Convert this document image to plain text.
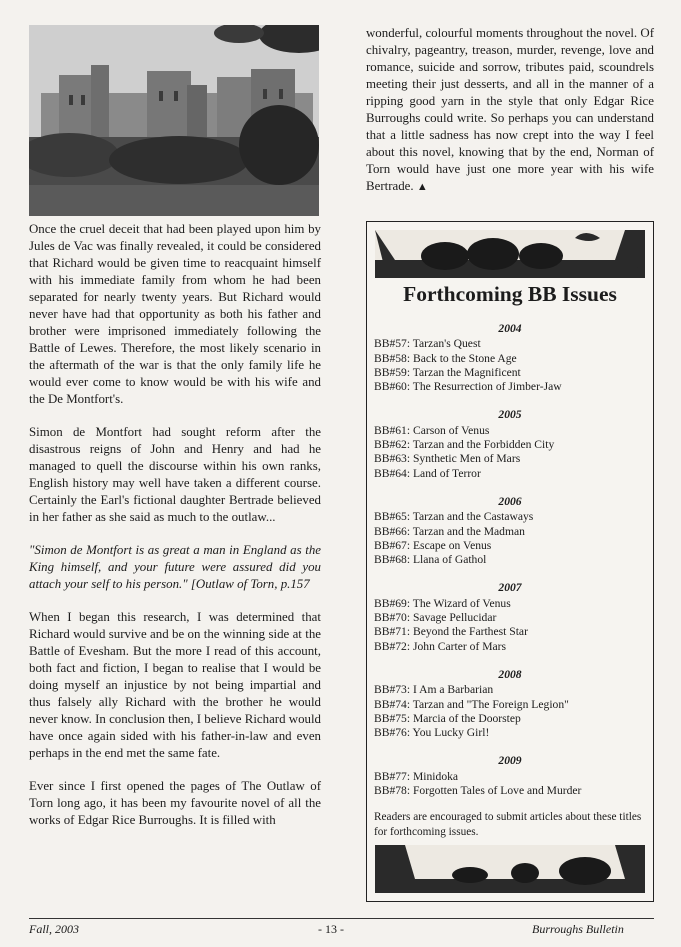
Once the cruel deceit that had been played upon him by Jules de Vac was finally revealed, it could be considered that Richard would be given time to reacquaint himself with his immediate family from whom he had been separated for nearly twenty years. But Richard would never have had that opportunity as both his father and brother were imprisoned immediately following the Battle of Lewes. Therefore, the most likely scenario in the aftermath of the war is that the only family life he would ever come to know would be with his wife and the De Montfort's.

Simon de Montfort had sought reform after the disastrous reigns of John and Henry and had he managed to quell the discourse within his own ranks, English history may well have taken a different course. Certainly the Earl's fictional daughter Bertrade believed in her father as she said as much to the outlaw...

"Simon de Montfort is as great a man in England as the King himself, and your future were assured did you attach your self to his person." [Outlaw of Torn, p.157

When I began this research, I was determined that Richard would survive and be on the winning side at the Battle of Evesham. But the more I read of this account, both fact and fiction, I began to realise that I would be doing myself an injustice by not being impartial and thus falsely ally Richard with the brother he would never know. In conclusion then, I believe Richard would have once again sided with his father-in-law and even perhaps in the end met the same fate.

Ever since I first opened the pages of The Outlaw of Torn long ago, it has been my favourite novel of all the works of Edgar Rice Burroughs. It is filled with

wonderful, colourful moments throughout the novel. Of chivalry, pageantry, treason, murder, revenge, love and romance, suicide and sorrow, tributes paid, scoundrels meeting their just desserts, and all in the manner of a ripping good yarn in the style that only Edgar Rice Burroughs could write. So perhaps you can understand that a little sadness has now crept into the way I feel about this novel, knowing that by the end, Norman of Torn would have just one more year with his wife Bertrade. ▲

Forthcoming BB Issues
2004
BB#57: Tarzan's Quest
BB#58: Back to the Stone Age
BB#59: Tarzan the Magnificent
BB#60: The Resurrection of Jimber-Jaw
2005
BB#61: Carson of Venus
BB#62: Tarzan and the Forbidden City
BB#63: Synthetic Men of Mars
BB#64: Land of Terror
2006
BB#65: Tarzan and the Castaways
BB#66: Tarzan and the Madman
BB#67: Escape on Venus
BB#68: Llana of Gathol
2007
BB#69: The Wizard of Venus
BB#70: Savage Pellucidar
BB#71: Beyond the Farthest Star
BB#72: John Carter of Mars
2008
BB#73: I Am a Barbarian
BB#74: Tarzan and "The Foreign Legion"
BB#75: Marcia of the Doorstep
BB#76: You Lucky Girl!
2009
BB#77: Minidoka
BB#78: Forgotten Tales of Love and Murder
Readers are encouraged to submit articles about these titles for forthcoming issues.
Fall, 2003	- 13 -	Burroughs Bulletin
